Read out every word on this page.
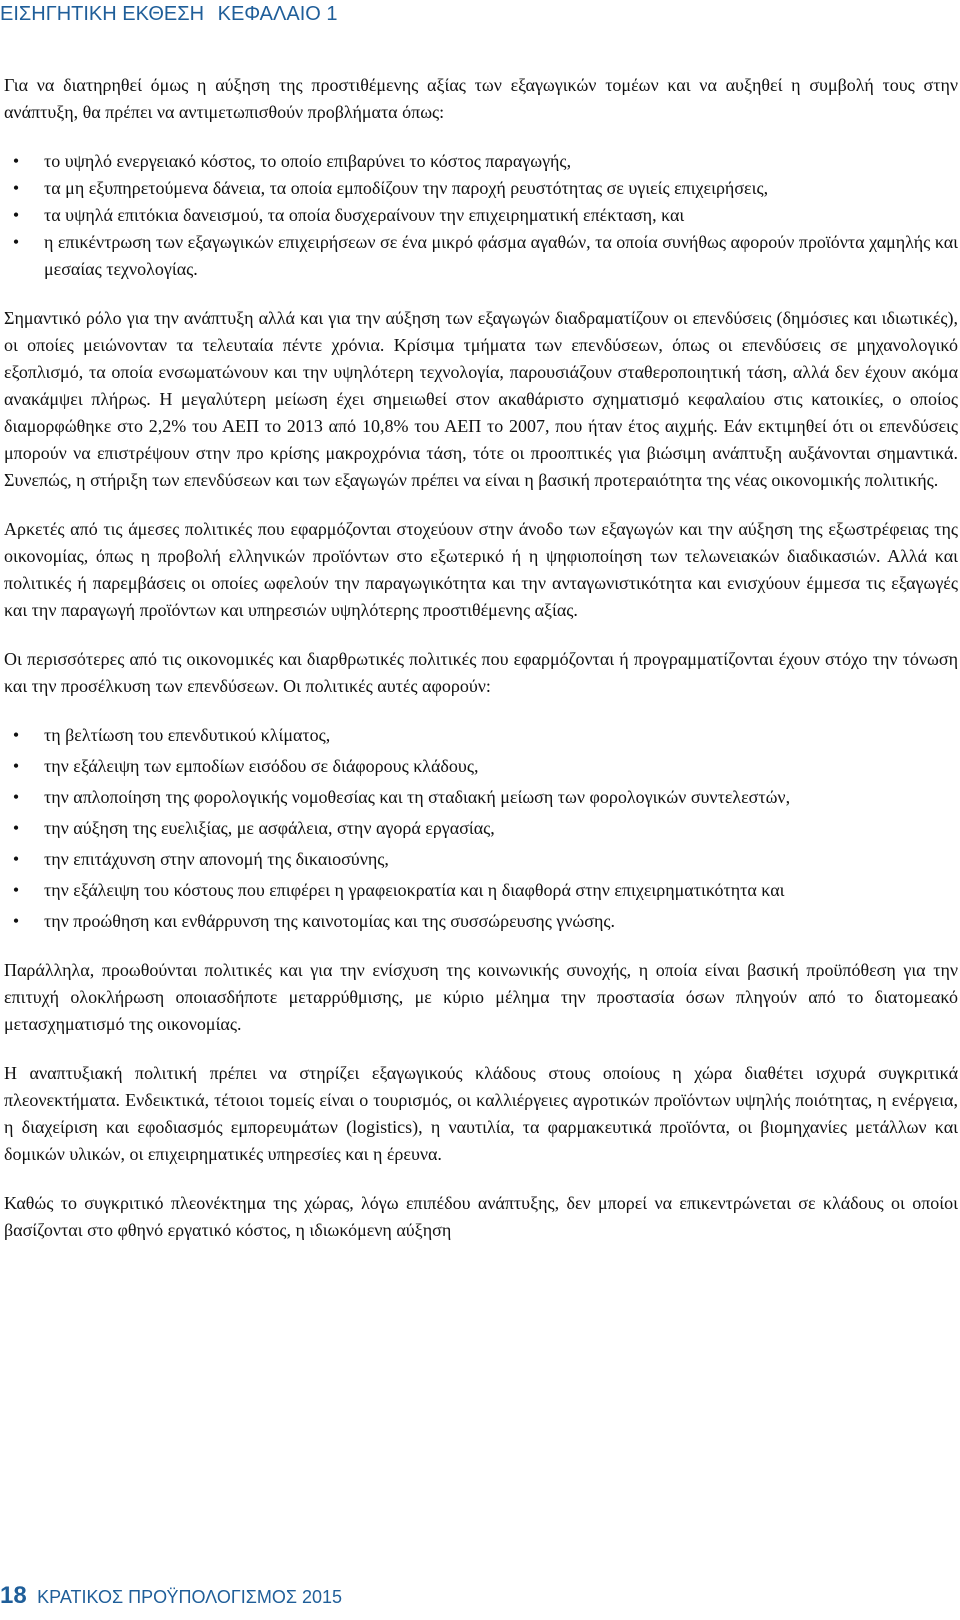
ΕΙΣΗΓΗΤΙΚΗ ΕΚΘΕΣΗ ΚΕΦΑΛΑΙΟ 1

Για να διατηρηθεί όμως η αύξηση της προστιθέμενης αξίας των εξαγωγικών τομέων και να αυξηθεί η συμβολή τους στην ανάπτυξη, θα πρέπει να αντιμετωπισθούν προβλήματα όπως:

• το υψηλό ενεργειακό κόστος, το οποίο επιβαρύνει το κόστος παραγωγής,
• τα μη εξυπηρετούμενα δάνεια, τα οποία εμποδίζουν την παροχή ρευστότητας σε υγιείς επιχειρήσεις,
• τα υψηλά επιτόκια δανεισμού, τα οποία δυσχεραίνουν την επιχειρηματική επέκταση, και
• η επικέντρωση των εξαγωγικών επιχειρήσεων σε ένα μικρό φάσμα αγαθών, τα οποία συνήθως αφορούν προϊόντα χαμηλής και μεσαίας τεχνολογίας.

Σημαντικό ρόλο για την ανάπτυξη αλλά και για την αύξηση των εξαγωγών διαδραματίζουν οι επενδύσεις (δημόσιες και ιδιωτικές), οι οποίες μειώνονταν τα τελευταία πέντε χρόνια. Κρίσιμα τμήματα των επενδύσεων, όπως οι επενδύσεις σε μηχανολογικό εξοπλισμό, τα οποία ενσωματώνουν και την υψηλότερη τεχνολογία, παρουσιάζουν σταθεροποιητική τάση, αλλά δεν έχουν ακόμα ανακάμψει πλήρως. Η μεγαλύτερη μείωση έχει σημειωθεί στον ακαθάριστο σχηματισμό κεφαλαίου στις κατοικίες, ο οποίος διαμορφώθηκε στο 2,2% του ΑΕΠ το 2013 από 10,8% του ΑΕΠ το 2007, που ήταν έτος αιχμής. Εάν εκτιμηθεί ότι οι επενδύσεις μπορούν να επιστρέψουν στην προ κρίσης μακροχρόνια τάση, τότε οι προοπτικές για βιώσιμη ανάπτυξη αυξάνονται σημαντικά. Συνεπώς, η στήριξη των επενδύσεων και των εξαγωγών πρέπει να είναι η βασική προτεραιότητα της νέας οικονομικής πολιτικής.

Αρκετές από τις άμεσες πολιτικές που εφαρμόζονται στοχεύουν στην άνοδο των εξαγωγών και την αύξηση της εξωστρέφειας της οικονομίας, όπως η προβολή ελληνικών προϊόντων στο εξωτερικό ή η ψηφιοποίηση των τελωνειακών διαδικασιών. Αλλά και πολιτικές ή παρεμβάσεις οι οποίες ωφελούν την παραγωγικότητα και την ανταγωνιστικότητα και ενισχύουν έμμεσα τις εξαγωγές και την παραγωγή προϊόντων και υπηρεσιών υψηλότερης προστιθέμενης αξίας.

Οι περισσότερες από τις οικονομικές και διαρθρωτικές πολιτικές που εφαρμόζονται ή προγραμματίζονται έχουν στόχο την τόνωση και την προσέλκυση των επενδύσεων. Οι πολιτικές αυτές αφορούν:

• τη βελτίωση του επενδυτικού κλίματος,
• την εξάλειψη των εμποδίων εισόδου σε διάφορους κλάδους,
• την απλοποίηση της φορολογικής νομοθεσίας και τη σταδιακή μείωση των φορολογικών συντελεστών,
• την αύξηση της ευελιξίας, με ασφάλεια, στην αγορά εργασίας,
• την επιτάχυνση στην απονομή της δικαιοσύνης,
• την εξάλειψη του κόστους που επιφέρει η γραφειοκρατία και η διαφθορά στην επιχειρηματικότητα και
• την προώθηση και ενθάρρυνση της καινοτομίας και της συσσώρευσης γνώσης.

Παράλληλα, προωθούνται πολιτικές και για την ενίσχυση της κοινωνικής συνοχής, η οποία είναι βασική προϋπόθεση για την επιτυχή ολοκλήρωση οποιασδήποτε μεταρρύθμισης, με κύριο μέλημα την προστασία όσων πληγούν από το διατομεακό μετασχηματισμό της οικονομίας.

Η αναπτυξιακή πολιτική πρέπει να στηρίζει εξαγωγικούς κλάδους στους οποίους η χώρα διαθέτει ισχυρά συγκριτικά πλεονεκτήματα. Ενδεικτικά, τέτοιοι τομείς είναι ο τουρισμός, οι καλλιέργειες αγροτικών προϊόντων υψηλής ποιότητας, η ενέργεια, η διαχείριση και εφοδιασμός εμπορευμάτων (logistics), η ναυτιλία, τα φαρμακευτικά προϊόντα, οι βιομηχανίες μετάλλων και δομικών υλικών, οι επιχειρηματικές υπηρεσίες και η έρευνα.

Καθώς το συγκριτικό πλεονέκτημα της χώρας, λόγω επιπέδου ανάπτυξης, δεν μπορεί να επικεντρώνεται σε κλάδους οι οποίοι βασίζονται στο φθηνό εργατικό κόστος, η ιδιωκόμενη αύξηση

18 ΚΡΑΤΙΚΟΣ ΠΡΟΫΠΟΛΟΓΙΣΜΟΣ 2015
